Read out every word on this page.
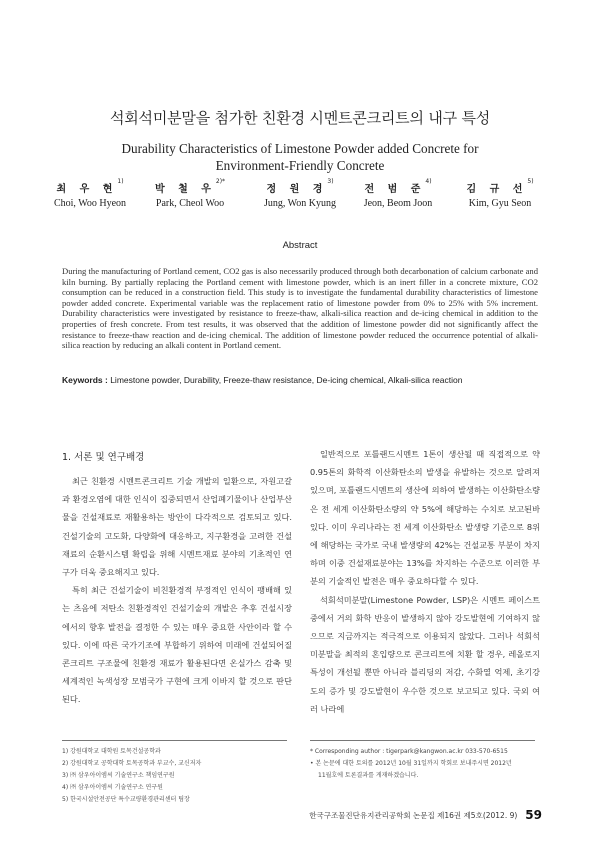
석회석미분말을 첨가한 친환경 시멘트콘크리트의 내구 특성
Durability Characteristics of Limestone Powder added Concrete for
Environment-Friendly Concrete
최 우 현$^{1)}$
Choi, Woo Hyeon
박 철 우$^{2)*}$
Park, Cheol Woo
정 원 경$^{3)}$
Jung, Won Kyung
전 범 준$^{4)}$
Jeon, Beom Joon
김 규 선$^{5)}$
Kim, Gyu Seon
Abstract
During the manufacturing of Portland cement, CO2 gas is also necessarily produced through both decarbonation of calcium carbonate and kiln burning. By partially replacing the Portland cement with limestone powder, which is an inert filler in a concrete mixture, CO2 consumption can be reduced in a construction field. This study is to investigate the fundamental durability characteristics of limestone powder added concrete. Experimental variable was the replacement ratio of limestone powder from 0% to 25% with 5% increment. Durability characteristics were investigated by resistance to freeze-thaw, alkali-silica reaction and de-icing chemical in addition to the properties of fresh concrete. From test results, it was observed that the addition of limestone powder did not significantly affect the resistance to freeze-thaw reaction and de-icing chemical. The addition of limestone powder reduced the occurrence potential of alkali-silica reaction by reducing an alkali content in Portland cement.
Keywords : Limestone powder, Durability, Freeze-thaw resistance, De-icing chemical, Alkali-silica reaction
1. 서론 및 연구배경

최근 친환경 시멘트콘크리트 기술 개발의 일환으로, 자원고갈과 환경오염에 대한 인식이 집중되면서 산업폐기물이나 산업부산물을 건설재료로 재활용하는 방안이 다각적으로 검토되고 있다. 건설기술의 고도화, 다양화에 대응하고, 지구환경을 고려한 건설재료의 순환시스템 확립을 위해 시멘트재료 분야의 기초적인 연구가 더욱 중요해지고 있다.

특히 최근 건설기술이 비친환경적 부정적인 인식이 팽배해 있는 츠음에 저탄소 친환경적인 건설기술의 개발은 추후 건설시장에서의 향후 발전을 결정한 수 있는 매우 중요한 사안이라 할 수 있다. 이에 따른 국가기조에 부합하기 위하여 미래에 건설되어질 콘크리트 구조물에 친환경 재료가 활용된다면 온실가스 감축 및 세계적인 녹색성장 모범국가 구현에 크게 이바지 할 것으로 판단된다.

일반적으로 포틀랜드시멘트 1톤이 생산될 때 직접적으로 약 0.95톤의 화학적 이산화탄소의 발생을 유발하는 것으로 알려져 있으며, 포틀랜드시멘트의 생산에 의하여 발생하는 이산화탄소량은 전 세계 이산화탄소량의 약 5%에 해당하는 수치로 보고된바 있다. 이미 우리나라는 전 세계 이산화탄소 발생량 기준으로 8위에 해당하는 국가로 국내 발생량의 42%는 건설교통 부분이 차지하며 이중 건설재료분야는 13%를 차지하는 수준으로 이러한 부분의 기술적인 발전은 매우 중요하다할 수 있다.

석회석미분말(Limestone Powder, LSP)은 시멘트 페이스트 중에서 거의 화학 반응이 발생하지 않아 강도발현에 기여하지 않으므로 지금까지는 적극적으로 이용되지 않았다. 그러나 석회석미분말을 최적의 혼입량으로 콘크리트에 치환 할 경우, 레올로지 특성이 개선될 뿐만 아니라 블리딩의 저감, 수화열 억제, 초기강도의 증가 및 강도발현이 우수한 것으로 보고되고 있다. 국외 여러 나라에

1) 강원대학교 대학원 토목건설공학과
2) 강원대학교 공학대학 토목공학과 부교수, 교신저자
3) ㈜ 삼우아이엠씨 기술연구소 책임연구원
4) ㈜ 삼우아이엠씨 기술연구소 연구원
5) 한국시설안전공단 특수교량환경관리센터 팀장
* Corresponding author : tigerpark@kangwon.ac.kr 033-570-6515
• 본 논문에 대한 토의를 2012년 10월 31일까지 학회로 보내주시면 2012년
11월호에 토론결과를 게재하겠습니다.
한국구조물진단유지관리공학회 논문집 제16권 제5호(2012. 9) 59
